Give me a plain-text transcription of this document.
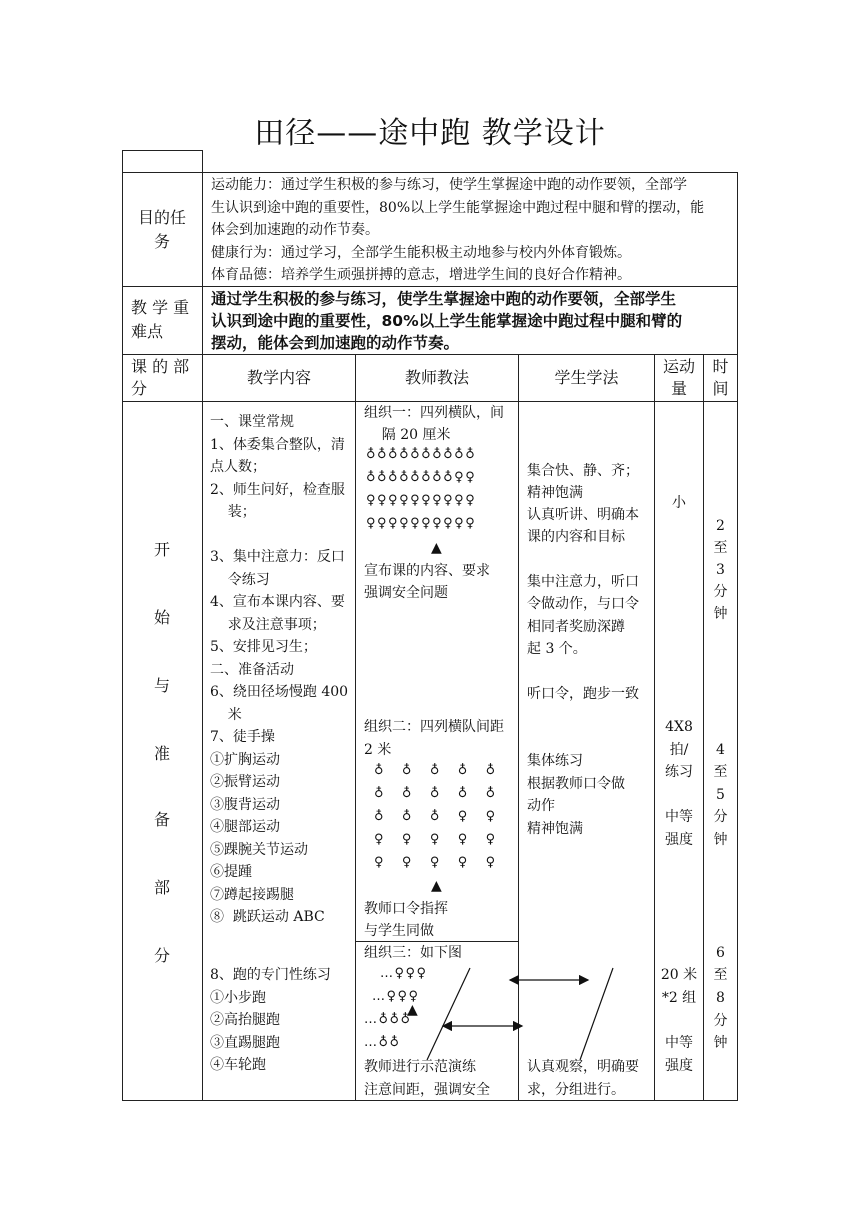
田径——途中跑 教学设计
目的任
务
运动能力：通过学生积极的参与练习，使学生掌握途中跑的动作要领，全部学
生认识到途中跑的重要性，80%以上学生能掌握途中跑过程中腿和臂的摆动，能
体会到加速跑的动作节奏。
健康行为：通过学习，全部学生能积极主动地参与校内外体育锻炼。
体育品德：培养学生顽强拼搏的意志，增进学生间的良好合作精神。
教 学 重
难点
通过学生积极的参与练习，使学生掌握途中跑的动作要领，全部学生
认识到途中跑的重要性，80%以上学生能掌握途中跑过程中腿和臂的
摆动，能体会到加速跑的动作节奏。
课 的 部
分
教学内容	教师教法	学生学法
运动
量
时
间
开
始
与
准
备
部
分
一、课堂常规
1、体委集合整队，清
点人数；
2、师生问好，检查服
装；
3、集中注意力：反口
令练习
4、宣布本课内容、要
求及注意事项；
5、安排见习生；
二、准备活动
6、绕田径场慢跑 400
米
7、徒手操
①扩胸运动
②振臂运动
③腹背运动
④腿部运动
⑤踝腕关节运动
⑥提踵
⑦蹲起接踢腿
⑧  跳跃运动 ABC
8、跑的专门性练习
①小步跑
②高抬腿跑
③直踢腿跑
④车轮跑
组织一：四列横队，间
隔 20 厘米
♁♁♁♁♁♁♁♁♁♁
♁♁♁♁♁♁♁♁♀♀
♀♀♀♀♀♀♀♀♀♀
♀♀♀♀♀♀♀♀♀♀
▲
宣布课的内容、要求
强调安全问题
组织二：四列横队间距
2 米
♁   ♁   ♁   ♁   ♁
♁   ♁   ♁   ♁   ♁
♁   ♁   ♁   ♀   ♀
♀   ♀   ♀   ♀   ♀
♀   ♀   ♀   ♀   ♀
▲
教师口令指挥
与学生同做
组织三：如下图
…♀♀♀
…♀♀♀
…♁♁♁
…♁♁
▲
教师进行示范演练
注意间距，强调安全
集合快、静、齐；
精神饱满
认真听讲、明确本
课的内容和目标
集中注意力，听口
令做动作，与口令
相同者奖励深蹲
起 3 个。
听口令，跑步一致
集体练习
根据教师口令做
动作
精神饱满
认真观察，明确要
求，分组进行。
小
4X8
拍/
练习
中等
强度
20 米
*2 组
中等
强度
2
至
3
分
钟
4
至
5
分
钟
6
至
8
分
钟
